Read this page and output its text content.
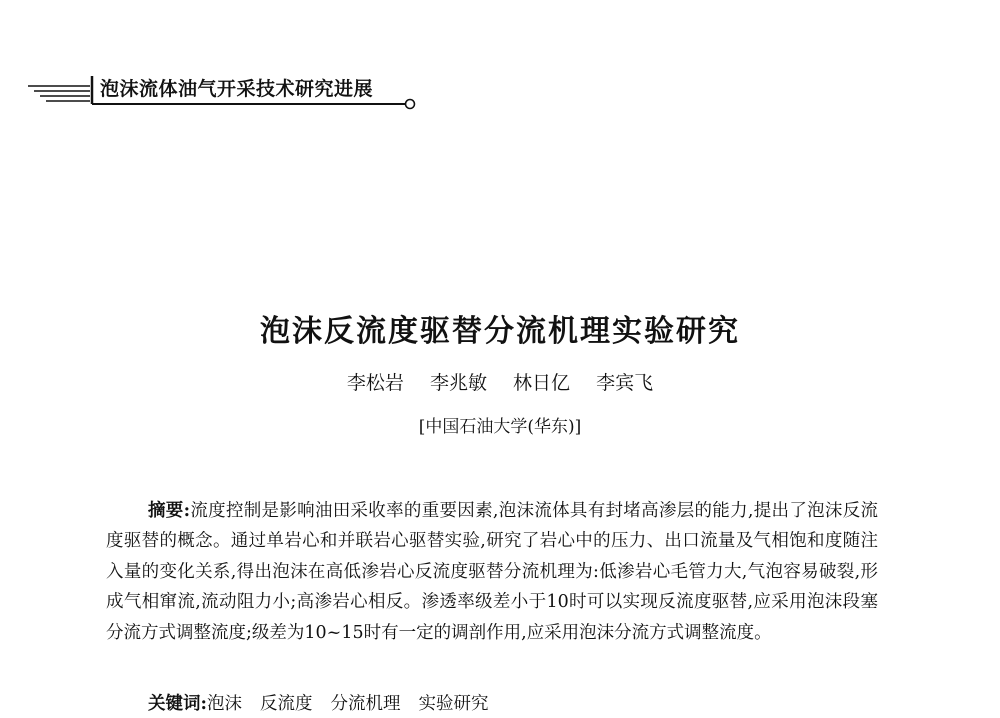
泡沫流体油气开采技术研究进展
泡沫反流度驱替分流机理实验研究
李松岩 李兆敏 林日亿 李宾飞
[中国石油大学(华东)]

摘要:流度控制是影响油田采收率的重要因素,泡沫流体具有封堵高渗层的能力,提出了泡沫反流度驱替的概念。通过单岩心和并联岩心驱替实验,研究了岩心中的压力、出口流量及气相饱和度随注入量的变化关系,得出泡沫在高低渗岩心反流度驱替分流机理为:低渗岩心毛管力大,气泡容易破裂,形成气相窜流,流动阻力小;高渗岩心相反。渗透率级差小于10时可以实现反流度驱替,应采用泡沫段塞分流方式调整流度;级差为10~15时有一定的调剖作用,应采用泡沫分流方式调整流度。

关键词:泡沫 反流度 分流机理 实验研究
